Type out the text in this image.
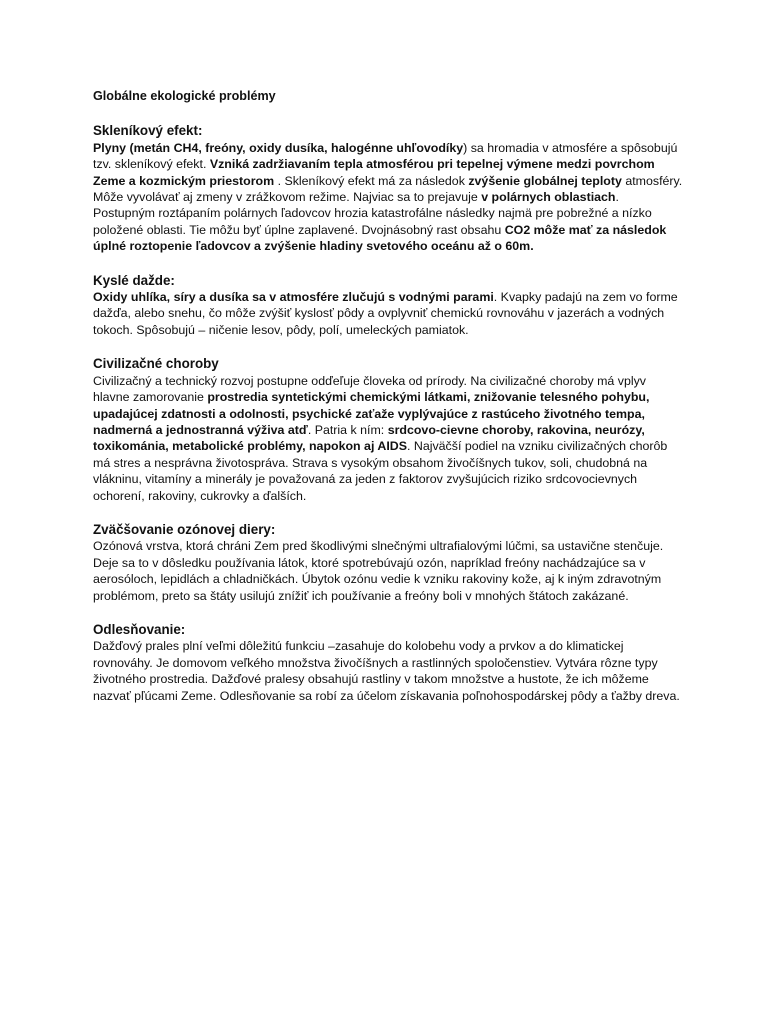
Globálne ekologické problémy
Skleníkový efekt:

Plyny (metán CH4, freóny, oxidy dusíka, halogénne uhľovodíky) sa hromadia v atmosfére a spôsobujú tzv. skleníkový efekt. Vzniká zadržiavaním tepla atmosférou pri tepelnej výmene medzi povrchom Zeme a kozmickým priestorom . Skleníkový efekt má za následok zvýšenie globálnej teploty atmosféry. Môže vyvolávať aj zmeny v zrážkovom režime. Najviac sa to prejavuje v polárnych oblastiach. Postupným roztápaním polárnych ľadovcov hrozia katastrofálne následky najmä pre pobrežné a nízko položené oblasti. Tie môžu byť úplne zaplavené. Dvojnásobný rast obsahu CO2 môže mať za následok úplné roztopenie ľadovcov a zvýšenie hladiny svetového oceánu až o 60m.

Kyslé dažde:

Oxidy uhlíka, síry a dusíka sa v atmosfére zlučujú s vodnými parami. Kvapky padajú na zem vo forme dažďa, alebo snehu, čo môže zvýšiť kyslosť pôdy a ovplyvniť chemickú rovnováhu v jazerách a vodných tokoch. Spôsobujú – ničenie lesov, pôdy, polí, umeleckých pamiatok.

Civilizačné choroby

Civilizačný a technický rozvoj postupne odďeľuje človeka od prírody. Na civilizačné choroby má vplyv hlavne zamorovanie prostredia syntetickými chemickými látkami, znižovanie telesného pohybu, upadajúcej zdatnosti a odolnosti, psychické zaťaže vyplývajúce z rastúceho životného tempa, nadmerná a jednostranná výživa atď. Patria k ním: srdcovo-cievne choroby, rakovina, neurózy, toxikománia, metabolické problémy, napokon aj AIDS. Najväčší podiel na vzniku civilizačných chorôb má stres a nesprávna životospráva. Strava s vysokým obsahom živočíšnych tukov, soli, chudobná na vlákninu, vitamíny a minerály je považovaná za jeden z faktorov zvyšujúcich riziko srdcovocievnych ochorení, rakoviny, cukrovky a ďalších.

Zväčšovanie ozónovej diery:

Ozónová vrstva, ktorá chráni Zem pred škodlivými slnečnými ultrafialovými lúčmi, sa ustavične stenčuje. Deje sa to v dôsledku používania látok, ktoré spotrebúvajú ozón, napríklad freóny nachádzajúce sa v aerosóloch, lepidlách a chladničkách. Úbytok ozónu vedie k vzniku rakoviny kože, aj k iným zdravotným problémom, preto sa štáty usilujú znížiť ich používanie a freóny boli v mnohých štátoch zakázané.

Odlesňovanie:

Dažďový prales plní veľmi dôležitú funkciu –zasahuje do kolobehu vody a prvkov a do klimatickej rovnováhy. Je domovom veľkého množstva živočíšnych a rastlinných spoločenstiev. Vytvára rôzne typy životného prostredia. Dažďové pralesy obsahujú rastliny v takom množstve a hustote, že ich môžeme nazvať pľúcami Zeme. Odlesňovanie sa robí za účelom získavania poľnohospodárskej pôdy a ťažby dreva.
